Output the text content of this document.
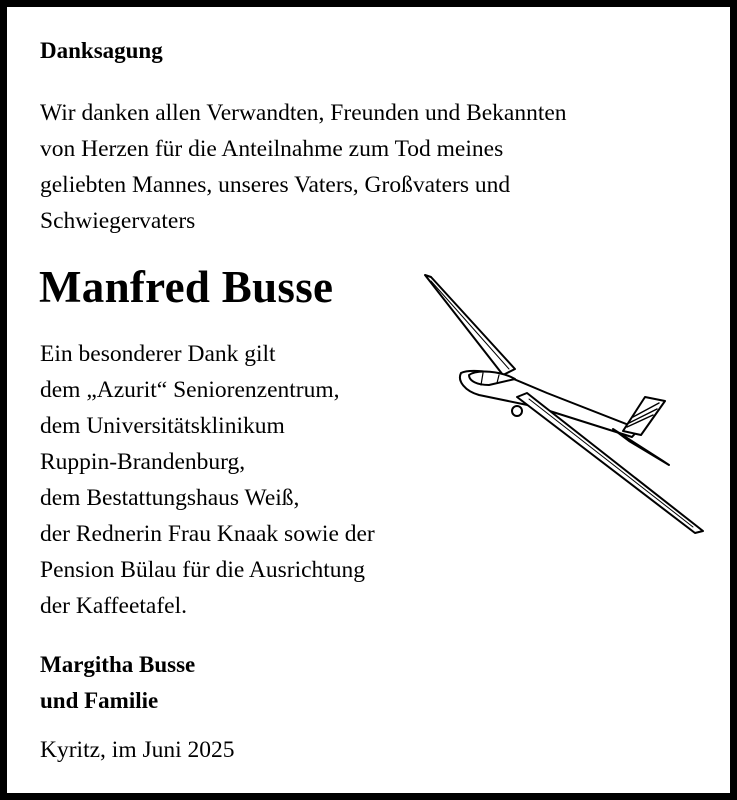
Danksagung
Wir danken allen Verwandten, Freunden und Bekannten
von Herzen für die Anteilnahme zum Tod meines
geliebten Mannes, unseres Vaters, Großvaters und
Schwiegervaters
Manfred Busse
Ein besonderer Dank gilt
dem „Azurit“ Seniorenzentrum,
dem Universitätsklinikum
Ruppin-Brandenburg,
dem Bestattungshaus Weiß,
der Rednerin Frau Knaak sowie der
Pension Bülau für die Ausrichtung
der Kaffeetafel.
Margitha Busse
und Familie
Kyritz, im Juni 2025
